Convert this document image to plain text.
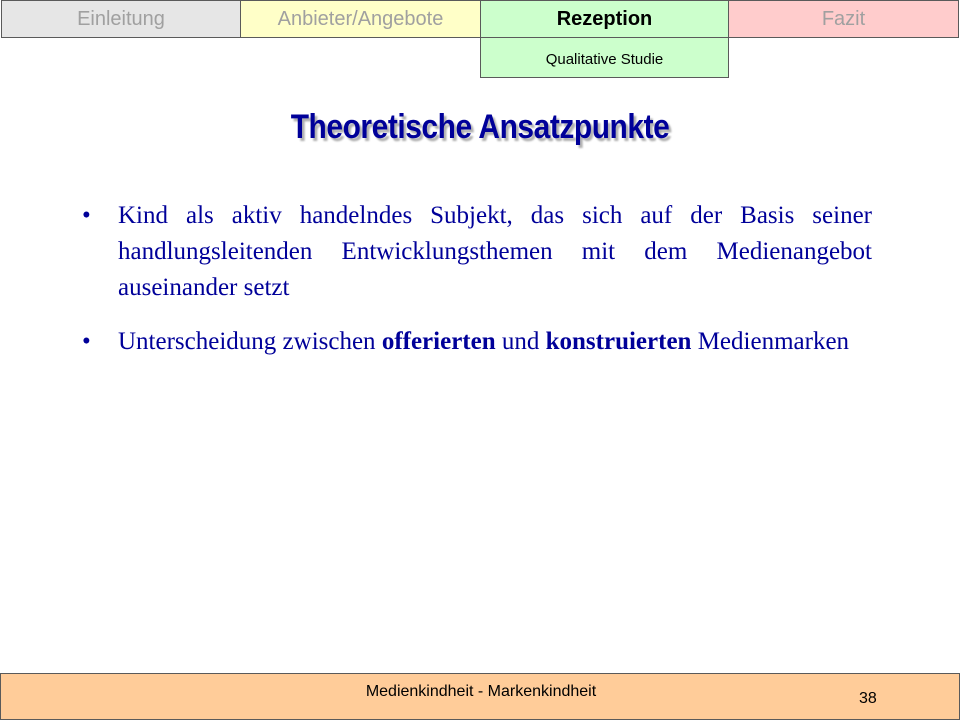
Einleitung	Anbieter/Angebote	Rezeption	Fazit
Qualitative Studie
Theoretische Ansatzpunkte
• Kind als aktiv handelndes Subjekt, das sich auf der Basis seiner handlungsleitenden Entwicklungsthemen mit dem Medienangebot auseinander setzt
• Unterscheidung zwischen offerierten und konstruierten Medienmarken
Medienkindheit - Markenkindheit	38
